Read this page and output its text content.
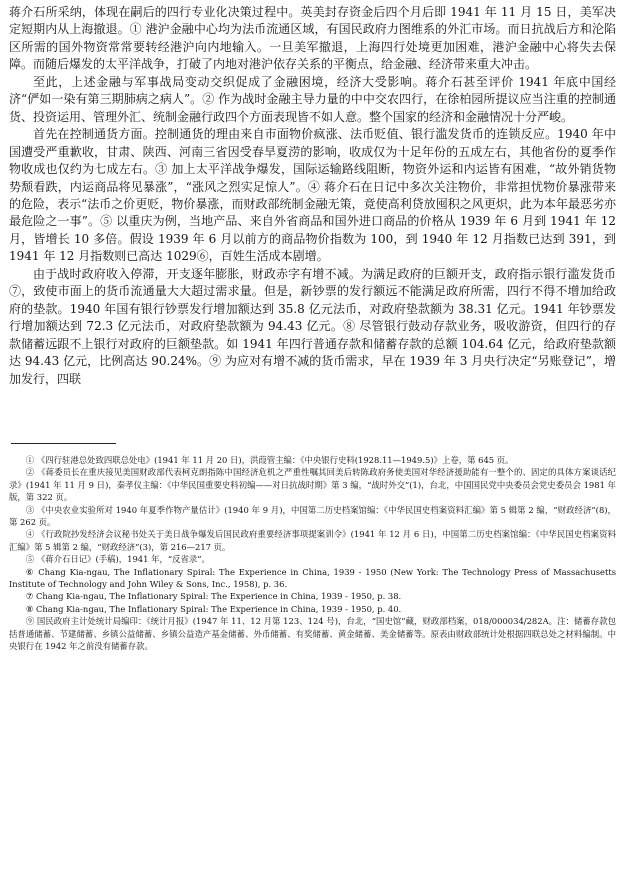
蒋介石所采纳，体现在嗣后的四行专业化决策过程中。英美封存资金后四个月后即 1941 年 11 月 15 日，美军决定短期内从上海撤退。① 港沪金融中心均为法币流通区域，有国民政府力图维系的外汇市场。而日抗战后方和沦陷区所需的国外物资常常要转经港沪向内地输入。一旦美军撤退，上海四行处境更加困难，港沪金融中心将失去保障。而随后爆发的太平洋战争，打破了内地对港沪依存关系的平衡点，给金融、经济带来重大冲击。

至此，上述金融与军事战局变动交织促成了金融困境，经济大受影响。蒋介石甚至评价 1941 年底中国经济“俨如一染有第三期肺病之病人”。② 作为战时金融主导力量的中中交农四行，在徐柏园所提议应当注重的控制通货、投资运用、管理外汇、统制金融行政四个方面表现皆不如人意。整个国家的经济和金融情况十分严峻。

首先在控制通货方面。控制通货的理由来自市面物价疯涨、法币贬值、银行滥发货币的连锁反应。1940 年中国遭受严重歉收，甘肃、陕西、河南三省因受春旱夏涝的影响，收成仅为十足年份的五成左右，其他省份的夏季作物收成也仅约为七成左右。③ 加上太平洋战争爆发，国际运输路线阻断，物资外运和内运皆有困难，“故外销货物势颓看跌，内运商品将见暴涨”，“涨风之烈实足惊人”。④ 蒋介石在日记中多次关注物价，非常担忧物价暴涨带来的危险，表示“法币之价更贬，物价暴涨，而财政部统制金融无策，竟使高利贷放囤积之风更炽，此为本年最恶劣亦最危险之一事”。⑤ 以重庆为例，当地产品、来自外省商品和国外进口商品的价格从 1939 年 6 月到 1941 年 12 月，皆增长 10 多倍。假设 1939 年 6 月以前方的商品物价指数为 100，到 1940 年 12 月指数已达到 391，到 1941 年 12 月指数则已高达 1029⑥，百姓生活成本剧增。

由于战时政府收入停滞，开支逐年膨胀，财政赤字有增不减。为满足政府的巨额开支，政府指示银行滥发货币⑦，致使市面上的货币流通量大大超过需求量。但是，新钞票的发行额远不能满足政府所需，四行不得不增加给政府的垫款。1940 年国有银行钞票发行增加额达到 35.8 亿元法币，对政府垫款额为 38.31 亿元。1941 年钞票发行增加额达到 72.3 亿元法币，对政府垫款额为 94.43 亿元。⑧ 尽管银行鼓动存款业务，吸收游资，但四行的存款储蓄远跟不上银行对政府的巨额垫款。如 1941 年四行普通存款和储蓄存款的总额 104.64 亿元，给政府垫款额达 94.43 亿元，比例高达 90.24%。⑨ 为应对有增不减的货币需求，早在 1939 年 3 月央行决定“另账登记”，增加发行，四联

① 《四行驻港总处致四联总处电》(1941 年 11 月 20 日)，洪葭管主编：《中央银行史料(1928.11—1949.5)》上卷，第 645 页。

② 《蒋委员长在重庆接见美国财政部代表柯克朗指陈中国经济危机之严重性嘱其回美后转陈政府务使美国对华经济援助能有一整个的、固定的具体方案谈话纪录》(1941 年 11 月 9 日)，秦孝仪主编：《中华民国重要史料初编——对日抗战时期》第 3 编，“战时外交”(1)，台北，中国国民党中央委员会党史委员会 1981 年版，第 322 页。

③ 《中央农业实验所对 1940 年夏季作物产量估计》(1940 年 9 月)，中国第二历史档案馆编：《中华民国史档案资料汇编》第 5 辑第 2 编，“财政经济”(8)，第 262 页。

④ 《行政院抄发经济会议秘书处关于美日战争爆发后国民政府重要经济事项提案训令》(1941 年 12 月 6 日)，中国第二历史档案馆编：《中华民国史档案资料汇编》第 5 辑第 2 编，“财政经济”(3)，第 216—217 页。

⑤ 《蒋介石日记》(手稿)，1941 年，“反省录”。

⑥ Chang Kia-ngau, The Inflationary Spiral: The Experience in China, 1939 - 1950 (New York: The Technology Press of Massachusetts Institute of Technology and John Wiley & Sons, Inc., 1958), p. 36.

⑦ Chang Kia-ngau, The Inflationary Spiral: The Experience in China, 1939 - 1950, p. 38.

⑧ Chang Kia-ngau, The Inflationary Spiral: The Experience in China, 1939 - 1950, p. 40.

⑨ 国民政府主计处统计局编印：《统计月报》(1947 年 11、12 月第 123、124 号)，台北，“国史馆”藏，财政部档案，018/000034/282A。注：储蓄存款包括普通储蓄、节建储蓄、乡镇公益储蓄、乡镇公益造产基金储蓄、外币储蓄、有奖储蓄、黄金储蓄、美金储蓄等。原表由财政部统计处根据四联总处之材料编制。中央银行在 1942 年之前没有储蓄存款。
